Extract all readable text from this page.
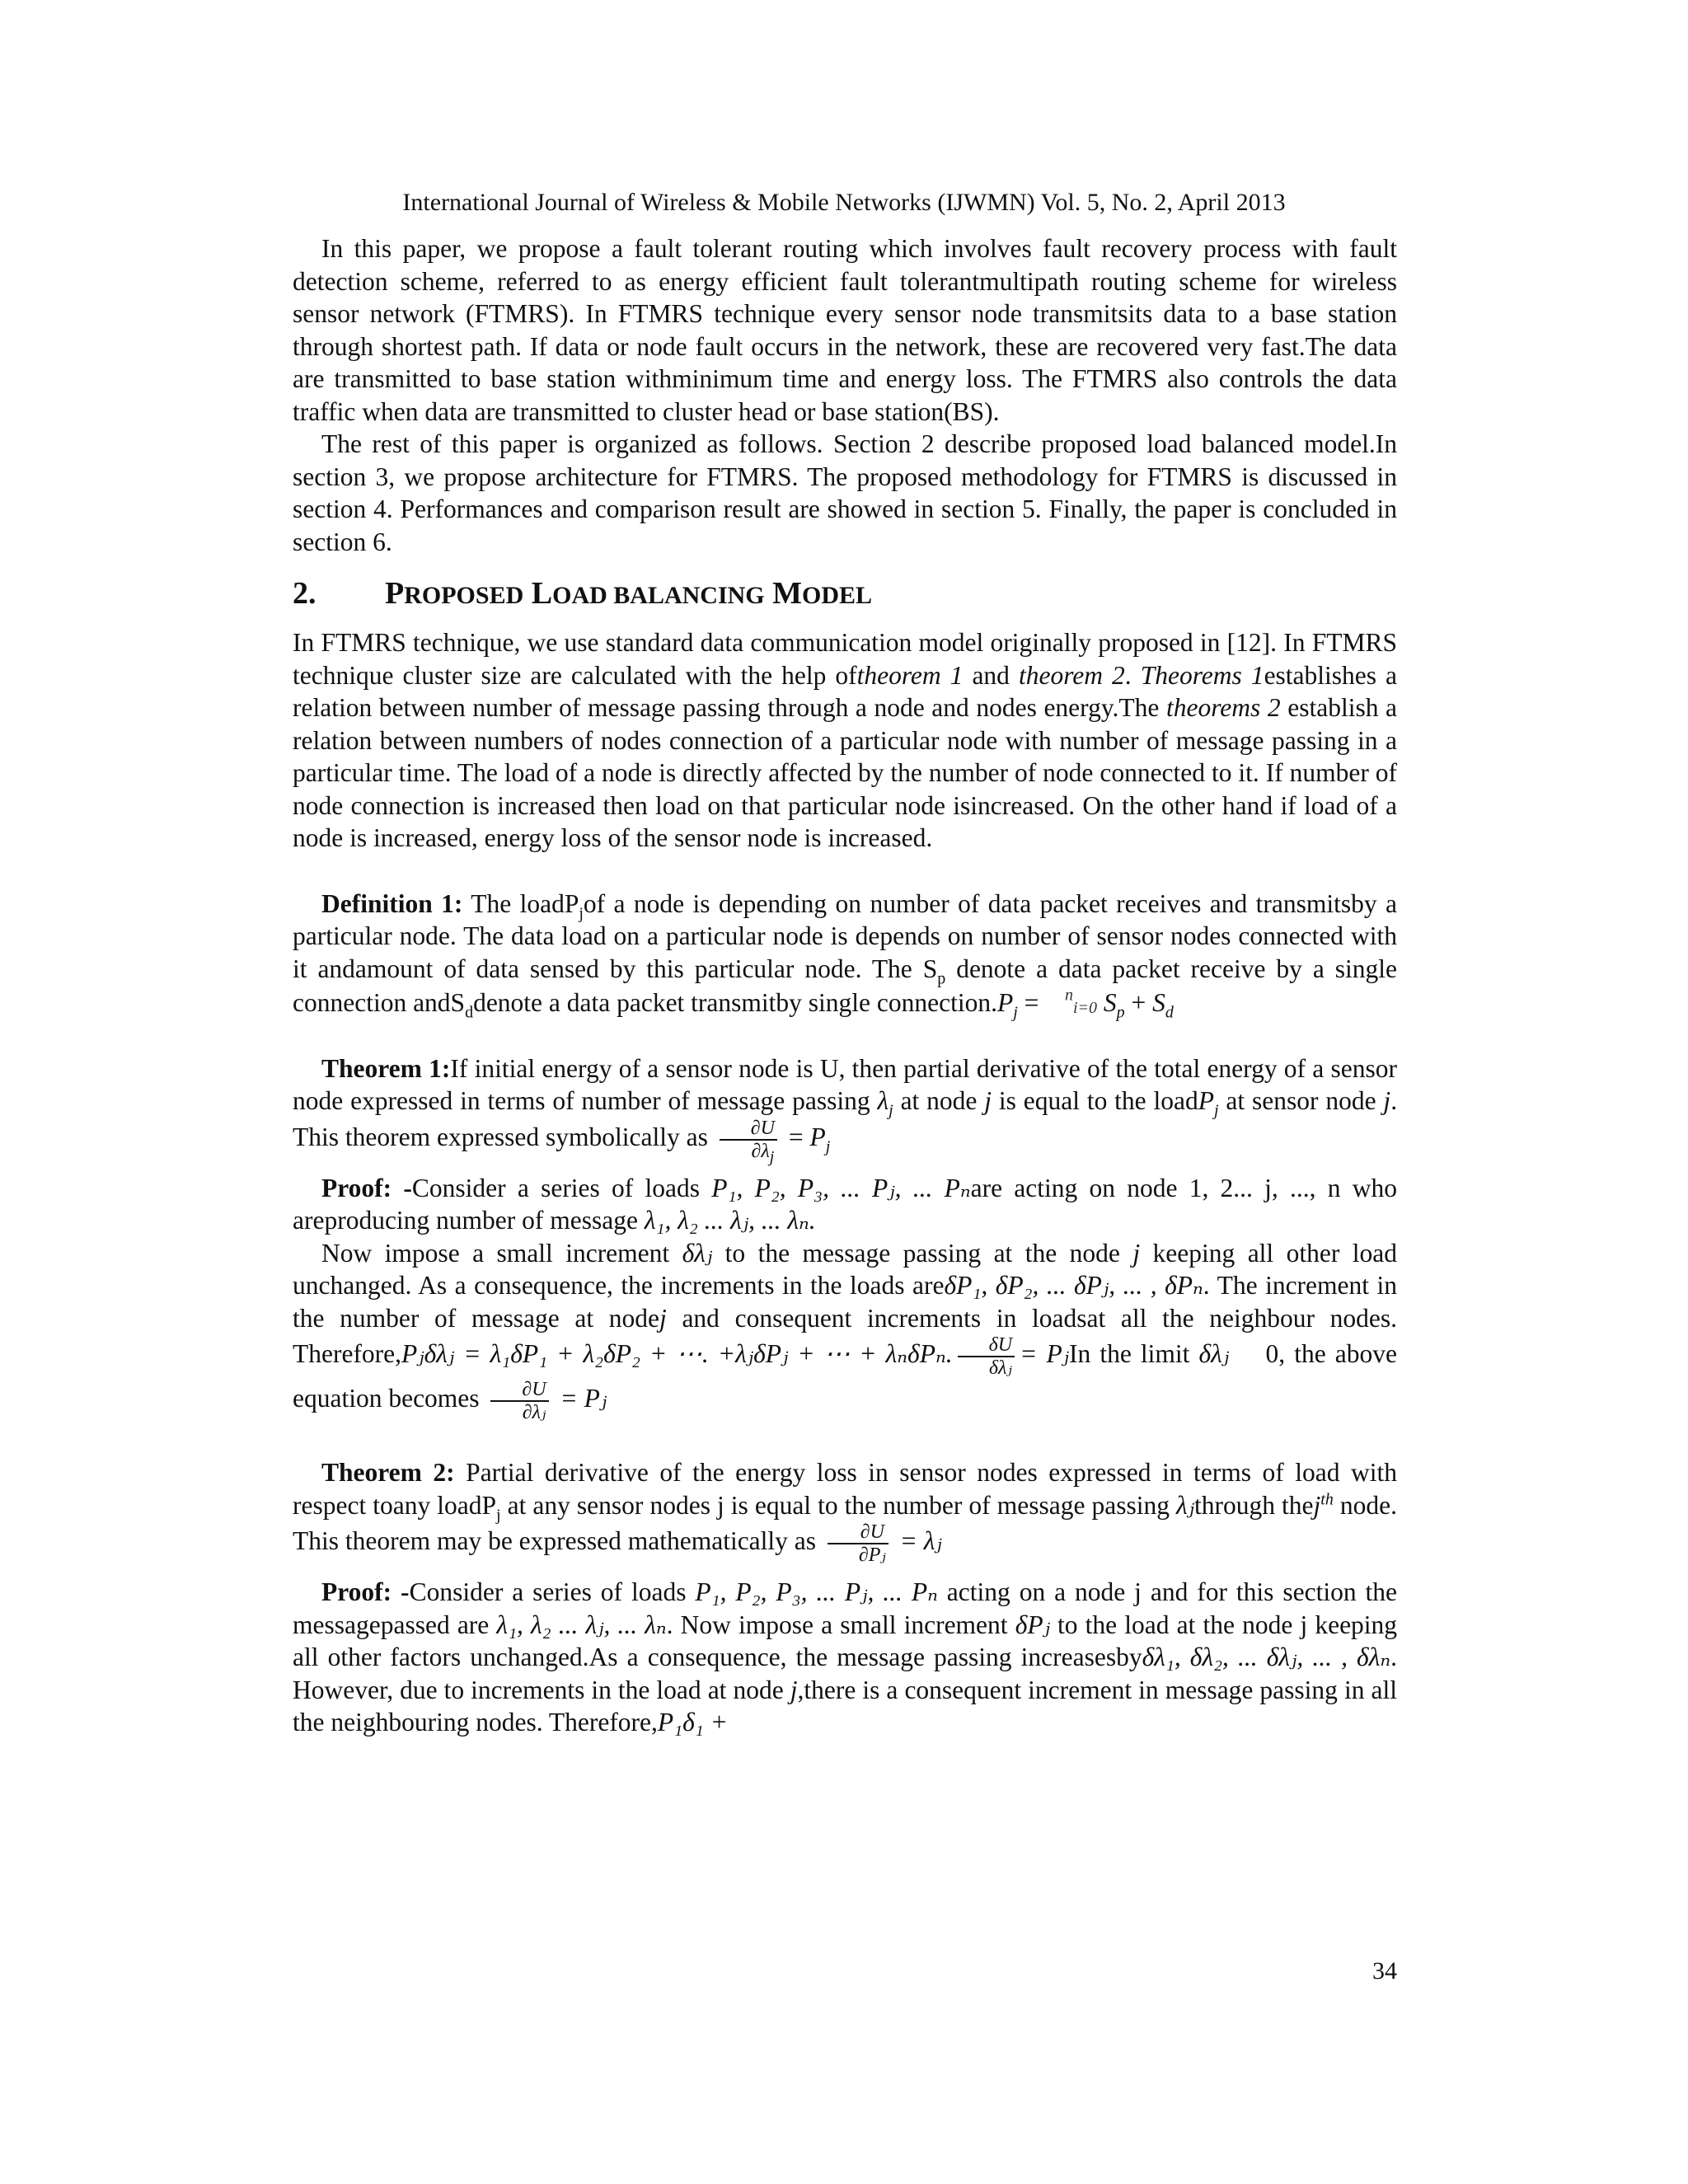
International Journal of Wireless & Mobile Networks (IJWMN) Vol. 5, No. 2, April 2013

In this paper, we propose a fault tolerant routing which involves fault recovery process with fault detection scheme, referred to as energy efficient fault tolerantmultipath routing scheme for wireless sensor network (FTMRS). In FTMRS technique every sensor node transmitsits data to a base station through shortest path. If data or node fault occurs in the network, these are recovered very fast.The data are transmitted to base station withminimum time and energy loss. The FTMRS also controls the data traffic when data are transmitted to cluster head or base station(BS).

The rest of this paper is organized as follows. Section 2 describe proposed load balanced model.In section 3, we propose architecture for FTMRS. The proposed methodology for FTMRS is discussed in section 4. Performances and comparison result are showed in section 5. Finally, the paper is concluded in section 6.

2. PROPOSED LOAD BALANCING MODEL

In FTMRS technique, we use standard data communication model originally proposed in [12]. In FTMRS technique cluster size are calculated with the help oftheorem 1 and theorem 2. Theorems 1establishes a relation between number of message passing through a node and nodes energy.The theorems 2 establish a relation between numbers of nodes connection of a particular node with number of message passing in a particular time. The load of a node is directly affected by the number of node connected to it. If number of node connection is increased then load on that particular node isincreased. On the other hand if load of a node is increased, energy loss of the sensor node is increased.

Definition 1: The loadP$_j$of a node is depending on number of data packet receives and transmitsby a particular node. The data load on a particular node is depends on number of sensor nodes connected with it andamount of data sensed by this particular node. The $S_p$ denote a data packet receive by a single connection andS$_d$denote a data packet transmitby single $connection.P_j = ^n_{i=0}$ $S_p + S_d$

Theorem 1:If initial energy of a sensor node is U, then partial derivative of the total energy of a sensor node expressed in terms of number of message passing $\lambda_j$ at node j is equal to the loadP$_j$ at sensor node j. This theorem expressed symbolically as $\frac{\partial U}{\partial\lambda_j} = P_j$

Proof: -Consider a series of loads P₁, P₂, P₃, ... Pⱼ, ... Pₙare acting on node 1, 2... j, ..., n who areproducing number of message λ₁, λ₂ ... λⱼ, ... λₙ.

Now impose a small increment δλⱼ to the message passing at the node j keeping all other load unchanged. As a consequence, the increments in the loads areδP₁, δP₂, ... δPⱼ, ... , δPₙ. The increment in the number of message at nodej and consequent increments in loadsat all the neighbour nodes. Therefore,Pⱼδλⱼ = λ₁δP₁ + λ₂δP₂ + ⋯. +λⱼδPⱼ + ⋯ + λₙδPₙ. $\frac{\delta U}{\text{δλⱼ}}$ = PⱼIn the limit δλⱼ 0, the above equation becomes $\frac{\partial U}{\text{∂λⱼ}}$ = Pⱼ

Theorem 2: Partial derivative of the energy loss in sensor nodes expressed in terms of load with respect toany loadP$_j$ at any sensor nodes j is equal to the number of message passing λⱼthrough thej$^{th}$ node. This theorem may be expressed mathematically as $\frac{\partial U}{\text{∂Pⱼ}}$ = λⱼ

Proof: -Consider a series of loads P₁, P₂, P₃, ... Pⱼ, ... Pₙ acting on a node j and for this section the messagepassed are λ₁, λ₂ ... λⱼ, ... λₙ. Now impose a small increment δPⱼ to the load at the node j keeping all other factors unchanged.As a consequence, the message passing increasesbyδλ₁, δλ₂, ... δλⱼ, ... , δλₙ. However, due to increments in the load at node j,there is a consequent increment in message passing in all the neighbouring nodes. Therefore,P₁δ₁ +

34
